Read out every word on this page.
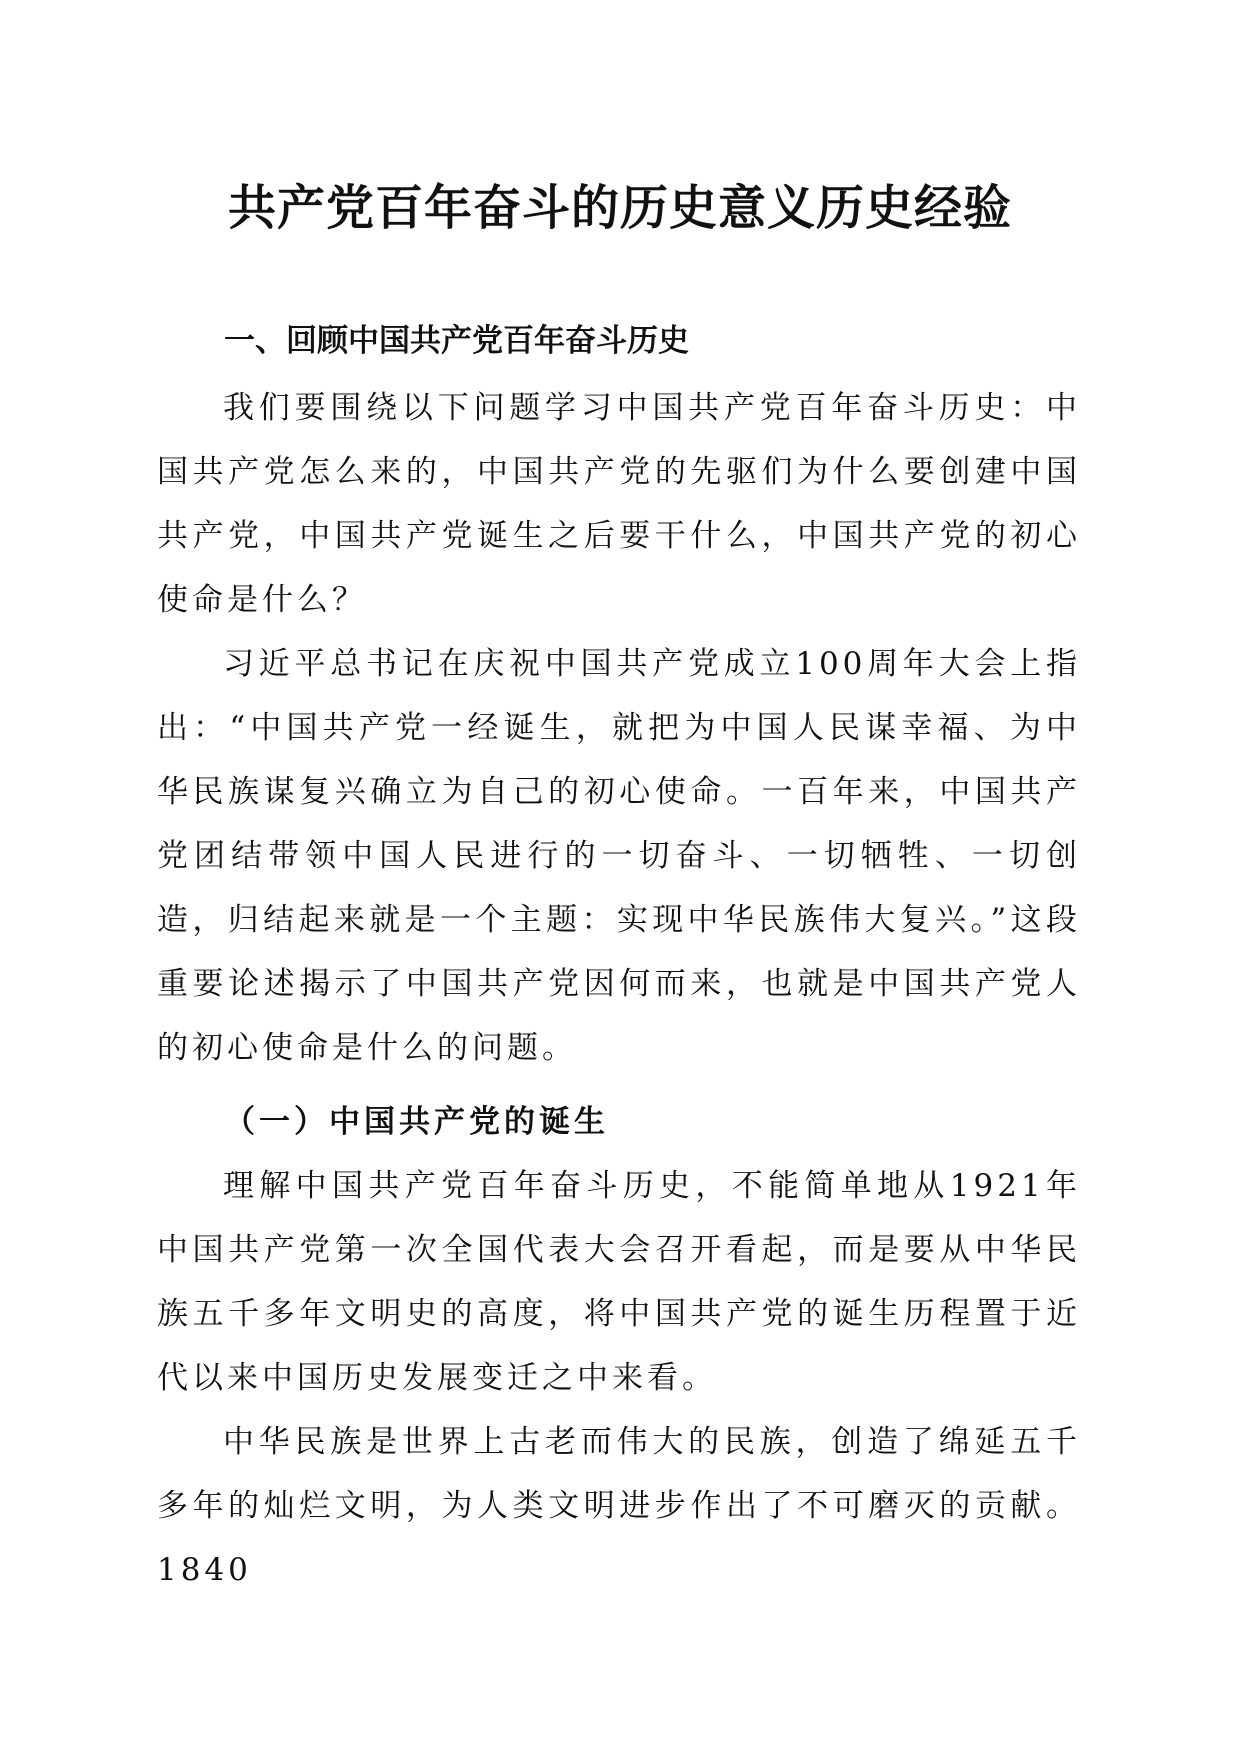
共产党百年奋斗的历史意义历史经验
一、回顾中国共产党百年奋斗历史

我们要围绕以下问题学习中国共产党百年奋斗历史：中国共产党怎么来的，中国共产党的先驱们为什么要创建中国共产党，中国共产党诞生之后要干什么，中国共产党的初心使命是什么？

习近平总书记在庆祝中国共产党成立100周年大会上指出：“中国共产党一经诞生，就把为中国人民谋幸福、为中华民族谋复兴确立为自己的初心使命。一百年来，中国共产党团结带领中国人民进行的一切奋斗、一切牺牲、一切创造，归结起来就是一个主题：实现中华民族伟大复兴。”这段重要论述揭示了中国共产党因何而来，也就是中国共产党人的初心使命是什么的问题。

（一）中国共产党的诞生

理解中国共产党百年奋斗历史，不能简单地从1921年中国共产党第一次全国代表大会召开看起，而是要从中华民族五千多年文明史的高度，将中国共产党的诞生历程置于近代以来中国历史发展变迁之中来看。

中华民族是世界上古老而伟大的民族，创造了绵延五千多年的灿烂文明，为人类文明进步作出了不可磨灭的贡献。1840
